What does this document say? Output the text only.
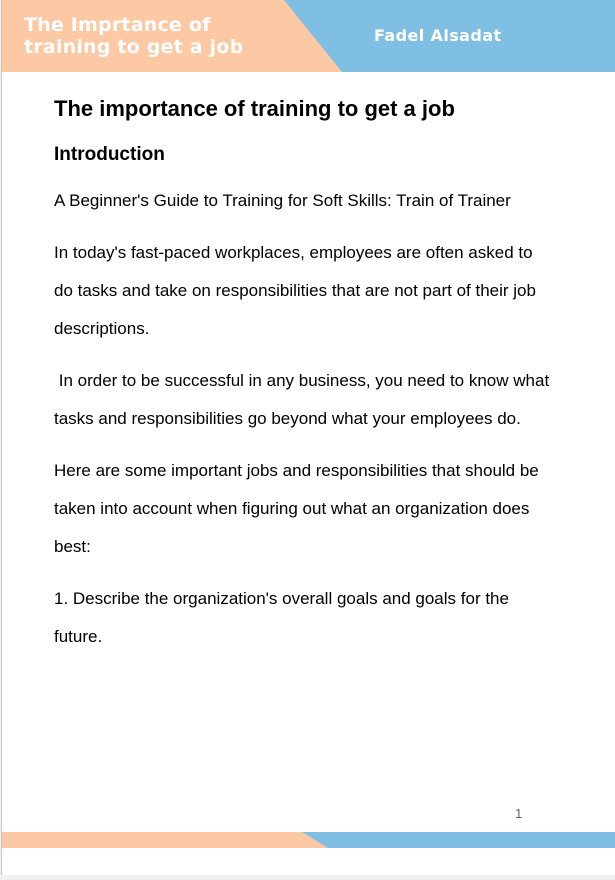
The Imprtance of
training to get a job
Fadel Alsadat
The importance of training to get a job
Introduction

A Beginner's Guide to Training for Soft Skills: Train of Trainer

In today's fast-paced workplaces, employees are often asked to do tasks and take on responsibilities that are not part of their job descriptions.

In order to be successful in any business, you need to know what tasks and responsibilities go beyond what your employees do.

Here are some important jobs and responsibilities that should be taken into account when figuring out what an organization does best:

1. Describe the organization's overall goals and goals for the future.

1
